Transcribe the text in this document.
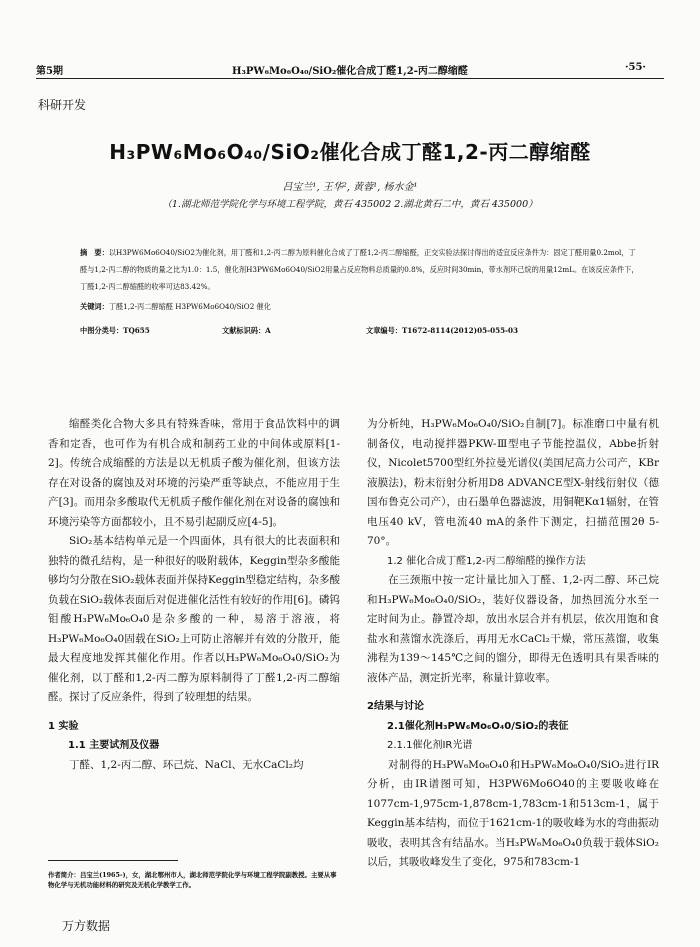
第5期	H₃PW₆Mo₆O₄₀/SiO₂催化合成丁醛1,2-丙二醇缩醛	·55·
科研开发
H₃PW₆Mo₆O₄₀/SiO₂催化合成丁醛1,2-丙二醇缩醛
吕宝兰¹, 王华², 黄蓉¹, 杨水金¹
（1.湖北师范学院化学与环境工程学院，黄石 435002 2.湖北黄石二中，黄石 435000）
摘　要：以H3PW6Mo6O40/SiO2为催化剂，用丁醛和1,2-丙二醇为原料催化合成了丁醛1,2-丙二醇缩醛，正交实验法探讨得出的适宜反应条件为：固定丁醛用量0.2mol，丁醛与1,2-丙二醇的物质的量之比为1.0：1.5，催化剂H3PW6Mo6O40/SiO2用量占反应物料总质量的0.8%，反应时间30min，带水剂环己烷的用量12mL。在该反应条件下，丁醛1,2-丙二醇缩醛的收率可达83.42%。
关键词：丁醛1,2-丙二醇缩醛 H3PW6Mo6O40/SiO2 催化
中图分类号：TQ655	文献标识码：A	文章编号：T1672-8114(2012)05-055-03

缩醛类化合物大多具有特殊香味，常用于食品饮料中的调香和定香，也可作为有机合成和制药工业的中间体或原料[1-2]。传统合成缩醛的方法是以无机质子酸为催化剂，但该方法存在对设备的腐蚀及对环境的污染严重等缺点，不能应用于生产[3]。而用杂多酸取代无机质子酸作催化剂在对设备的腐蚀和环境污染等方面都较小，且不易引起副反应[4-5]。

SiO₂基本结构单元是一个四面体，具有很大的比表面积和独特的微孔结构，是一种很好的吸附载体，Keggin型杂多酸能够均匀分散在SiO₂载体表面并保持Keggin型稳定结构，杂多酸负载在SiO₂载体表面后对促进催化活性有较好的作用[6]。磷钨钼酸H₃PW₆Mo₆O₄0是杂多酸的一种，易溶于溶液，将H₃PW₆Mo₆O₄0固载在SiO₂上可防止溶解并有效的分散开，能最大程度地发挥其催化作用。作者以H₃PW₆Mo₆O₄0/SiO₂为催化剂，以丁醛和1,2-丙二醇为原料制得了丁醛1,2-丙二醇缩醛。探讨了反应条件，得到了较理想的结果。

1 实验

1.1 主要试剂及仪器

丁醛、1,2-丙二醇、环己烷、NaCl、无水CaCl₂均

为分析纯，H₃PW₆Mo₆O₄0/SiO₂自制[7]。标准磨口中量有机制备仪，电动搅拌器PKW-Ⅲ型电子节能控温仪，Abbe折射仪，Nicolet5700型红外拉曼光谱仪(美国尼高力公司产，KBr液膜法)，粉末衍射分析用D8 ADVANCE型X-射线衍射仪（德国布鲁克公司产），由石墨单色器滤波，用铜靶Kα1辐射，在管电压40 kV，管电流40 mA的条件下测定，扫描范围2θ 5-70°。

1.2 催化合成丁醛1,2-丙二醇缩醛的操作方法

在三颈瓶中按一定计量比加入丁醛、1,2-丙二醇、环己烷和H₃PW₆Mo₆O₄0/SiO₂，装好仪器设备，加热回流分水至一定时间为止。静置冷却，放出水层合并有机层，依次用饱和食盐水和蒸馏水洗涤后，再用无水CaCl₂干燥，常压蒸馏，收集沸程为139～145℃之间的馏分，即得无色透明具有果香味的液体产品，测定折光率，称量计算收率。

2结果与讨论

2.1催化剂H₃PW₆Mo₆O₄0/SiO₂的表征

2.1.1催化剂IR光谱

对制得的H₃PW₆Mo₆O₄0和H₃PW₆Mo₆O₄0/SiO₂进行IR分析，由IR谱图可知，H3PW6Mo6O40的主要吸收峰在1077cm-1,975cm-1,878cm-1,783cm-1和513cm-1，属于Keggin基本结构，而位于1621cm-1的吸收峰为水的弯曲振动吸收，表明其含有结晶水。当H₃PW₆Mo₆O₄0负载于载体SiO₂以后，其吸收峰发生了变化，975和783cm-1

作者简介：吕宝兰(1965-)，女，湖北鄂州市人，湖北师范学院化学与环境工程学院副教授。主要从事物化学与无机功能材料的研究及无机化学教学工作。
万方数据
